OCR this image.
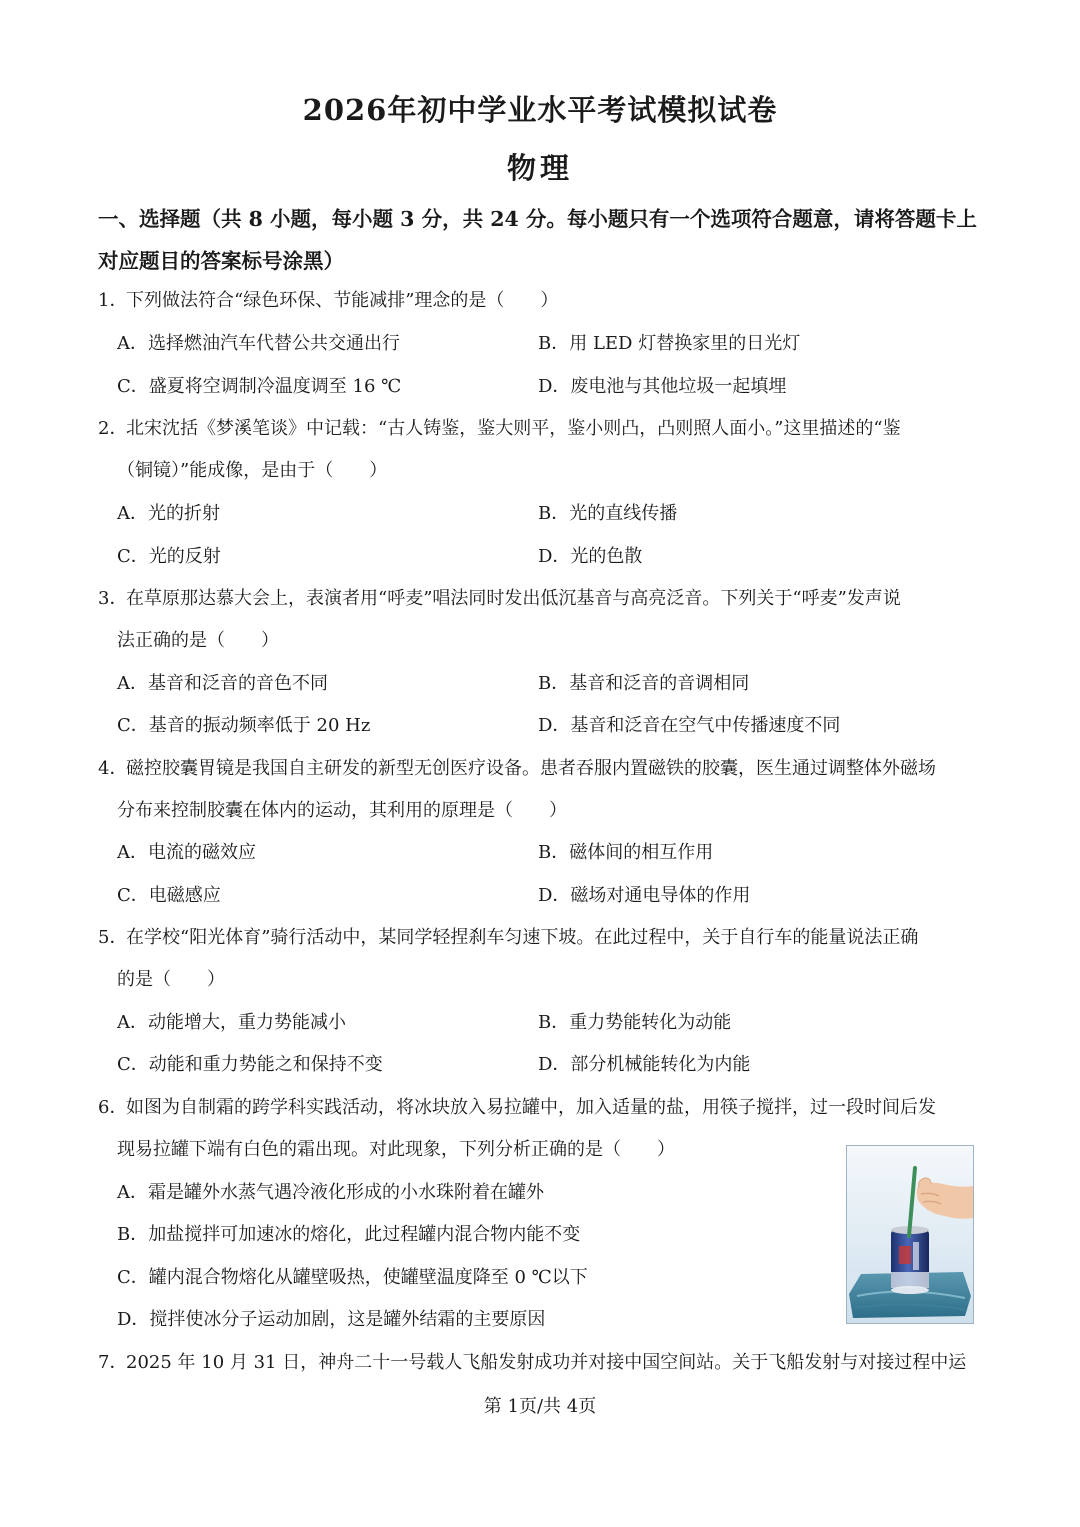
2026年初中学业水平考试模拟试卷
物理
一、选择题（共 8 小题，每小题 3 分，共 24 分。每小题只有一个选项符合题意，请将答题卡上对应题目的答案标号涂黑）
1．
下列做法符合“绿色环保、节能减排”理念的是（　　）
A．选择燃油汽车代替公共交通出行	B．用 LED 灯替换家里的日光灯
C．盛夏将空调制冷温度调至 16 ℃	D．废电池与其他垃圾一起填埋
2．
北宋沈括《梦溪笔谈》中记载：“古人铸鉴，鉴大则平，鉴小则凸，凸则照人面小。”这里描述的“鉴
（铜镜）”能成像，是由于（　　）
A．光的折射	B．光的直线传播
C．光的反射	D．光的色散
3．
在草原那达慕大会上，表演者用“呼麦”唱法同时发出低沉基音与高亮泛音。下列关于“呼麦”发声说
法正确的是（　　）
A．基音和泛音的音色不同	B．基音和泛音的音调相同
C．基音的振动频率低于 20 Hz	D．基音和泛音在空气中传播速度不同
4．
磁控胶囊胃镜是我国自主研发的新型无创医疗设备。患者吞服内置磁铁的胶囊，医生通过调整体外磁场
分布来控制胶囊在体内的运动，其利用的原理是（　　）
A．电流的磁效应	B．磁体间的相互作用
C．电磁感应	D．磁场对通电导体的作用
5．
在学校“阳光体育”骑行活动中，某同学轻捏刹车匀速下坡。在此过程中，关于自行车的能量说法正确
的是（　　）
A．动能增大，重力势能减小	B．重力势能转化为动能
C．动能和重力势能之和保持不变	D．部分机械能转化为内能
6．
如图为自制霜的跨学科实践活动，将冰块放入易拉罐中，加入适量的盐，用筷子搅拌，过一段时间后发
现易拉罐下端有白色的霜出现。对此现象，下列分析正确的是（　　）
A．霜是罐外水蒸气遇冷液化形成的小水珠附着在罐外
B．加盐搅拌可加速冰的熔化，此过程罐内混合物内能不变
C．罐内混合物熔化从罐壁吸热，使罐壁温度降至 0 ℃以下
D．搅拌使冰分子运动加剧，这是罐外结霜的主要原因
7．
2025 年 10 月 31 日，神舟二十一号载人飞船发射成功并对接中国空间站。关于飞船发射与对接过程中运
第 1页/共 4页
